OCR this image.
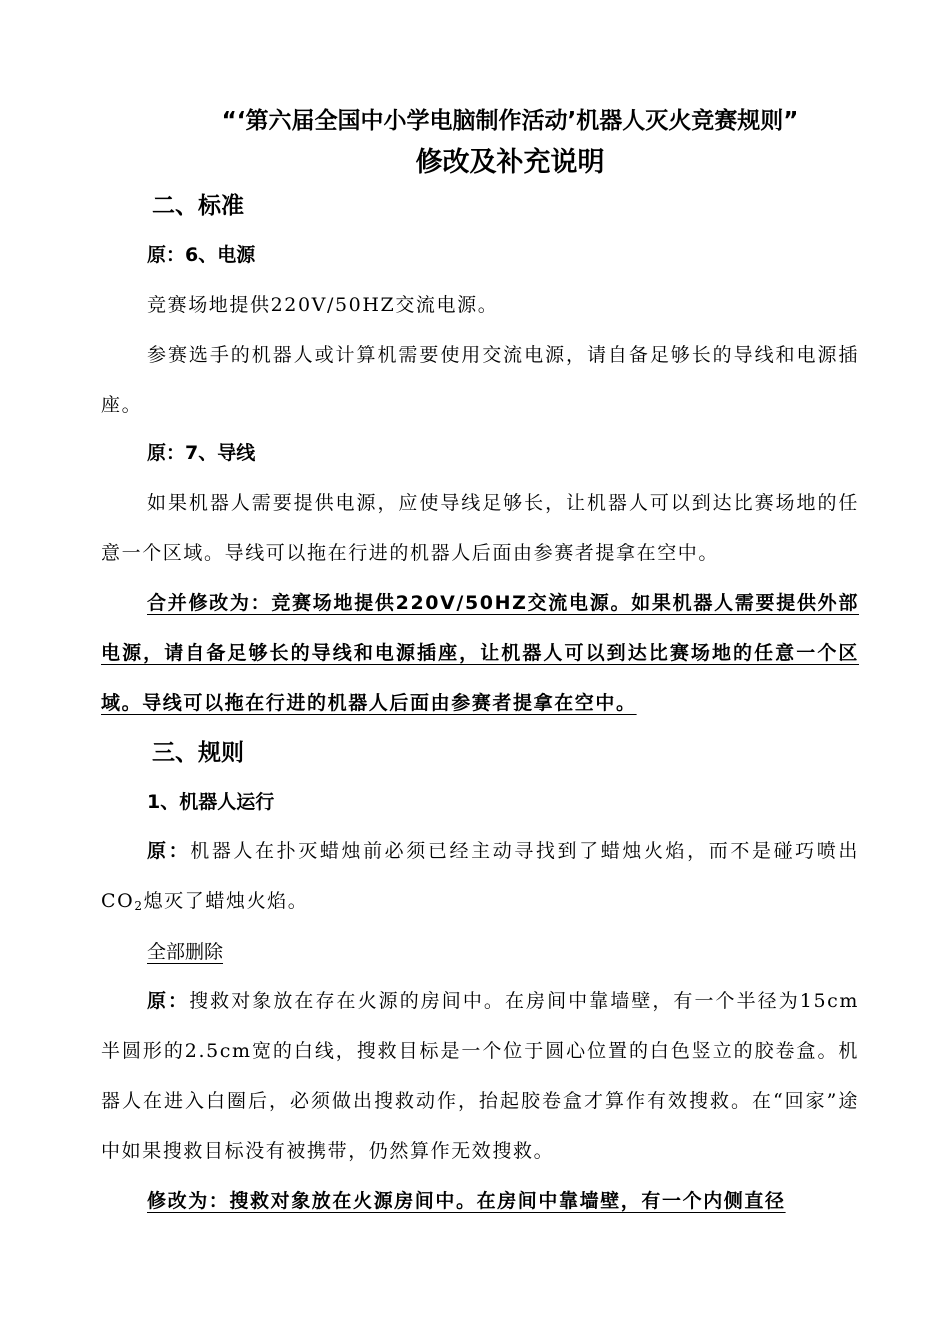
“‘第六届全国中小学电脑制作活动’机器人灭火竞赛规则”
修改及补充说明
二、标准
原：6、电源
竞赛场地提供220V/50HZ交流电源。
参赛选手的机器人或计算机需要使用交流电源，请自备足够长的导线和电源插座。
原：7、导线
如果机器人需要提供电源，应使导线足够长，让机器人可以到达比赛场地的任意一个区域。导线可以拖在行进的机器人后面由参赛者提拿在空中。
合并修改为：竞赛场地提供220V/50HZ交流电源。如果机器人需要提供外部电源，请自备足够长的导线和电源插座，让机器人可以到达比赛场地的任意一个区域。导线可以拖在行进的机器人后面由参赛者提拿在空中。
三、规则
1、机器人运行
原：机器人在扑灭蜡烛前必须已经主动寻找到了蜡烛火焰，而不是碰巧喷出$CO_2$熄灭了蜡烛火焰。
全部删除
原：搜救对象放在存在火源的房间中。在房间中靠墙壁，有一个半径为15cm半圆形的2.5cm宽的白线，搜救目标是一个位于圆心位置的白色竖立的胶卷盒。机器人在进入白圈后，必须做出搜救动作，抬起胶卷盒才算作有效搜救。在“回家”途中如果搜救目标没有被携带，仍然算作无效搜救。
修改为：搜救对象放在火源房间中。在房间中靠墙壁，有一个内侧直径
